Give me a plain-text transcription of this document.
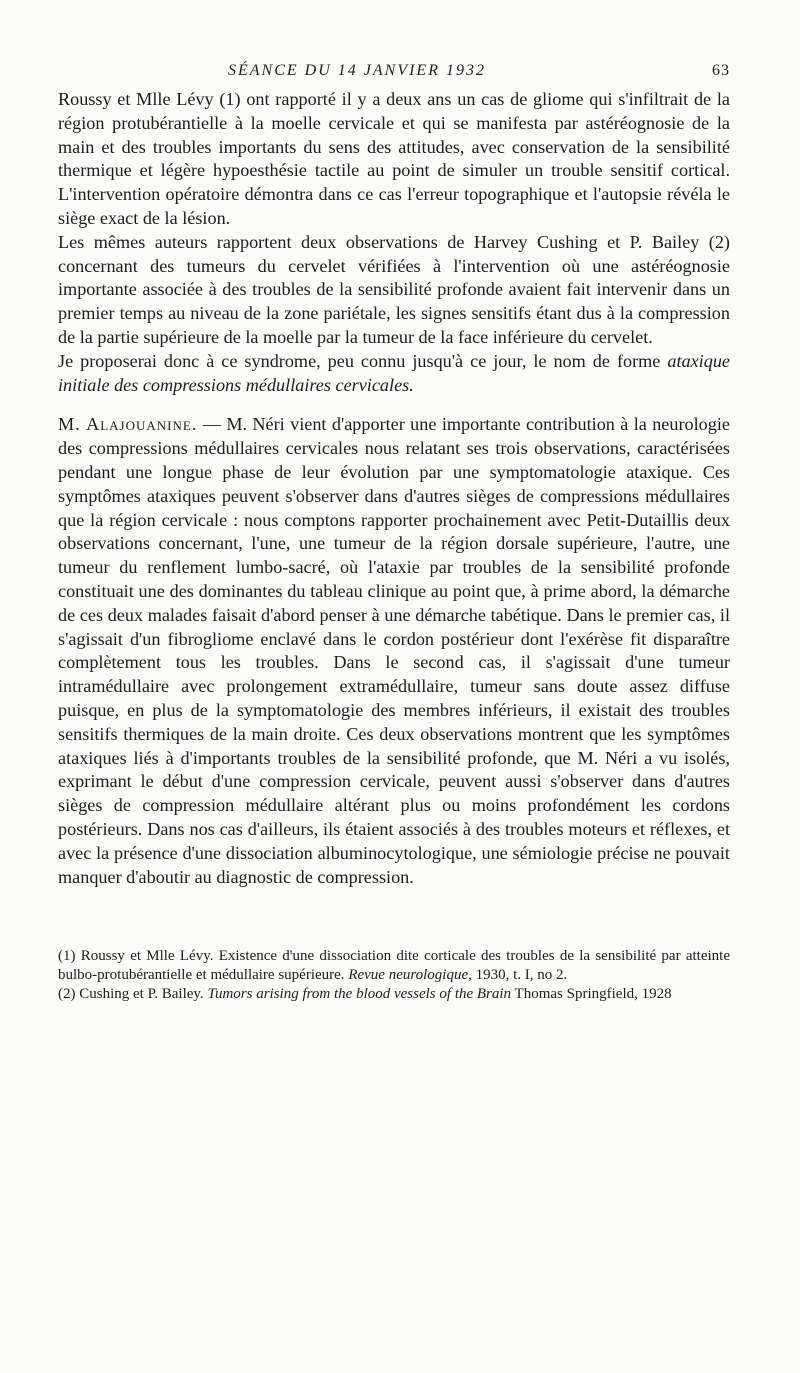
SÉANCE DU 14 JANVIER 1932	63

Roussy et Mlle Lévy (1) ont rapporté il y a deux ans un cas de gliome qui s'infiltrait de la région protubérantielle à la moelle cervicale et qui se manifesta par astéréognosie de la main et des troubles importants du sens des attitudes, avec conservation de la sensibilité thermique et légère hypoesthésie tactile au point de simuler un trouble sensitif cortical. L'intervention opératoire démontra dans ce cas l'erreur topographique et l'autopsie révéla le siège exact de la lésion.

Les mêmes auteurs rapportent deux observations de Harvey Cushing et P. Bailey (2) concernant des tumeurs du cervelet vérifiées à l'intervention où une astéréognosie importante associée à des troubles de la sensibilité profonde avaient fait intervenir dans un premier temps au niveau de la zone pariétale, les signes sensitifs étant dus à la compression de la partie supérieure de la moelle par la tumeur de la face inférieure du cervelet.

Je proposerai donc à ce syndrome, peu connu jusqu'à ce jour, le nom de forme ataxique initiale des compressions médullaires cervicales.

M. Alajouanine. — M. Néri vient d'apporter une importante contribution à la neurologie des compressions médullaires cervicales nous relatant ses trois observations, caractérisées pendant une longue phase de leur évolution par une symptomatologie ataxique. Ces symptômes ataxiques peuvent s'observer dans d'autres sièges de compressions médullaires que la région cervicale : nous comptons rapporter prochainement avec Petit-Dutaillis deux observations concernant, l'une, une tumeur de la région dorsale supérieure, l'autre, une tumeur du renflement lumbo-sacré, où l'ataxie par troubles de la sensibilité profonde constituait une des dominantes du tableau clinique au point que, à prime abord, la démarche de ces deux malades faisait d'abord penser à une démarche tabétique. Dans le premier cas, il s'agissait d'un fibrogliome enclavé dans le cordon postérieur dont l'exérèse fit disparaître complètement tous les troubles. Dans le second cas, il s'agissait d'une tumeur intramédullaire avec prolongement extramédullaire, tumeur sans doute assez diffuse puisque, en plus de la symptomatologie des membres inférieurs, il existait des troubles sensitifs thermiques de la main droite. Ces deux observations montrent que les symptômes ataxiques liés à d'importants troubles de la sensibilité profonde, que M. Néri a vu isolés, exprimant le début d'une compression cervicale, peuvent aussi s'observer dans d'autres sièges de compression médullaire altérant plus ou moins profondément les cordons postérieurs. Dans nos cas d'ailleurs, ils étaient associés à des troubles moteurs et réflexes, et avec la présence d'une dissociation albuminocytologique, une sémiologie précise ne pouvait manquer d'aboutir au diagnostic de compression.

(1) Roussy et Mlle Lévy. Existence d'une dissociation dite corticale des troubles de la sensibilité par atteinte bulbo-protubérantielle et médullaire supérieure. Revue neurologique, 1930, t. I, no 2.

(2) Cushing et P. Bailey. Tumors arising from the blood vessels of the Brain Thomas Springfield, 1928
